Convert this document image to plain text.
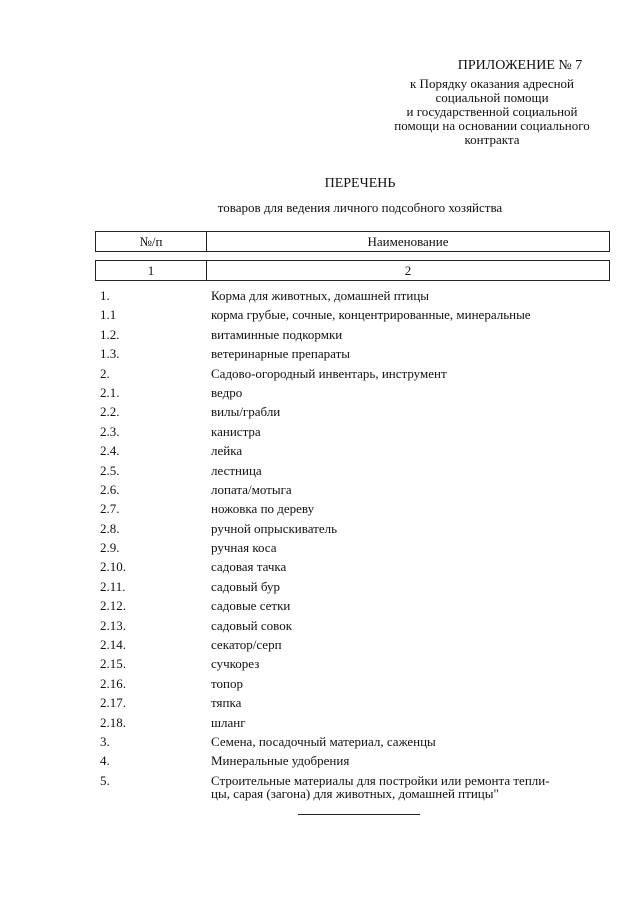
ПРИЛОЖЕНИЕ № 7
к Порядку оказания адресной
социальной помощи
и государственной социальной
помощи на основании социального
контракта
ПЕРЕЧЕНЬ
товаров для ведения личного подсобного хозяйства
№/п	Наименование
1	2
1.	Корма для животных, домашней птицы
1.1	корма грубые, сочные, концентрированные, минеральные
1.2.	витаминные подкормки
1.3.	ветеринарные препараты
2.	Садово-огородный инвентарь, инструмент
2.1.	ведро
2.2.	вилы/грабли
2.3.	канистра
2.4.	лейка
2.5.	лестница
2.6.	лопата/мотыга
2.7.	ножовка по дереву
2.8.	ручной опрыскиватель
2.9.	ручная коса
2.10.	садовая тачка
2.11.	садовый бур
2.12.	садовые сетки
2.13.	садовый совок
2.14.	секатор/серп
2.15.	сучкорез
2.16.	топор
2.17.	тяпка
2.18.	шланг
3.	Семена, посадочный материал, саженцы
4.	Минеральные удобрения
5.	Строительные материалы для постройки или ремонта тепли-
цы, сарая (загона) для животных, домашней птицы"
